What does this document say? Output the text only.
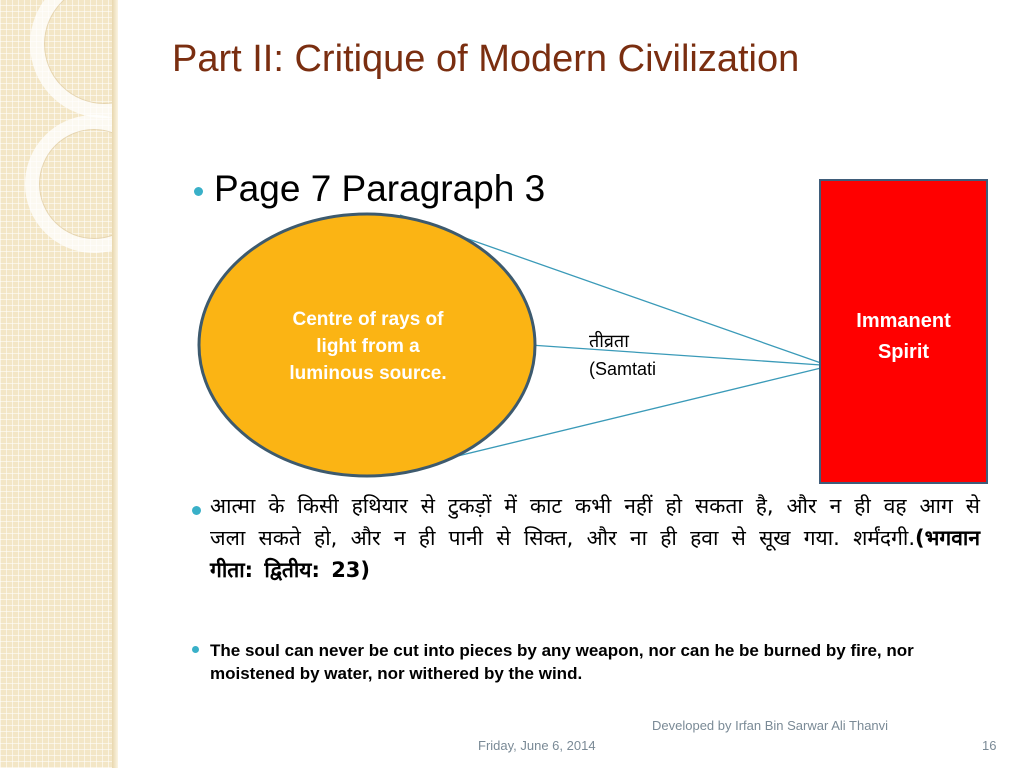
Part II: Critique of Modern Civilization
Page 7 Paragraph 3
Centre of rays of
light from a
luminous source.
तीव्रता
(Samtati
Immanent
Spirit

आत्मा के किसी हथियार से टुकड़ों में काट कभी नहीं हो सकता है, और न ही वह आग से जला सकते हो, और न ही पानी से सिक्त, और ना ही हवा से सूख गया. शर्मंदगी.(भगवान गीता: द्वितीय: 23)

The soul can never be cut into pieces by any weapon, nor can he be burned by fire, nor moistened by water, nor withered by the wind.

Friday, June 6, 2014
Developed by Irfan Bin Sarwar Ali Thanvi
16
